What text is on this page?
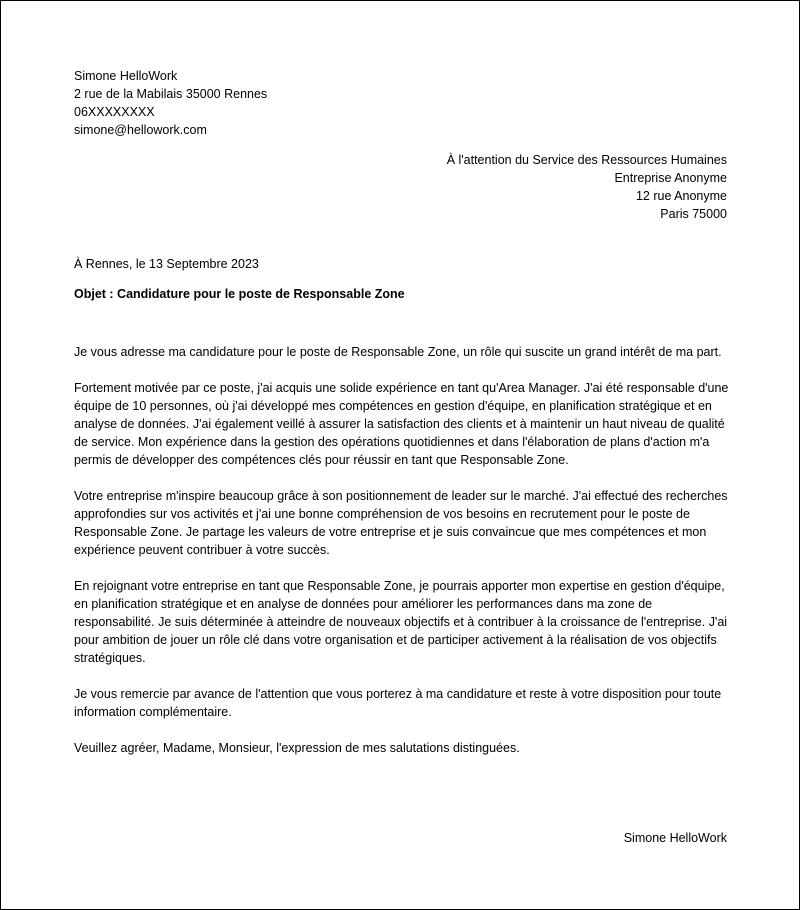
Simone HelloWork
2 rue de la Mabilais 35000 Rennes
06XXXXXXXX
simone@hellowork.com
À l'attention du Service des Ressources Humaines
Entreprise Anonyme
12 rue Anonyme
Paris 75000
À Rennes, le 13 Septembre 2023
Objet : Candidature pour le poste de Responsable Zone

Je vous adresse ma candidature pour le poste de Responsable Zone, un rôle qui suscite un grand intérêt de ma part.

Fortement motivée par ce poste, j'ai acquis une solide expérience en tant qu'Area Manager. J'ai été responsable d'une équipe de 10 personnes, où j'ai développé mes compétences en gestion d'équipe, en planification stratégique et en analyse de données. J'ai également veillé à assurer la satisfaction des clients et à maintenir un haut niveau de qualité de service. Mon expérience dans la gestion des opérations quotidiennes et dans l'élaboration de plans d'action m'a permis de développer des compétences clés pour réussir en tant que Responsable Zone.

Votre entreprise m'inspire beaucoup grâce à son positionnement de leader sur le marché. J'ai effectué des recherches approfondies sur vos activités et j'ai une bonne compréhension de vos besoins en recrutement pour le poste de Responsable Zone. Je partage les valeurs de votre entreprise et je suis convaincue que mes compétences et mon expérience peuvent contribuer à votre succès.

En rejoignant votre entreprise en tant que Responsable Zone, je pourrais apporter mon expertise en gestion d'équipe, en planification stratégique et en analyse de données pour améliorer les performances dans ma zone de responsabilité. Je suis déterminée à atteindre de nouveaux objectifs et à contribuer à la croissance de l'entreprise. J'ai pour ambition de jouer un rôle clé dans votre organisation et de participer activement à la réalisation de vos objectifs stratégiques.

Je vous remercie par avance de l'attention que vous porterez à ma candidature et reste à votre disposition pour toute information complémentaire.

Veuillez agréer, Madame, Monsieur, l'expression de mes salutations distinguées.

Simone HelloWork
